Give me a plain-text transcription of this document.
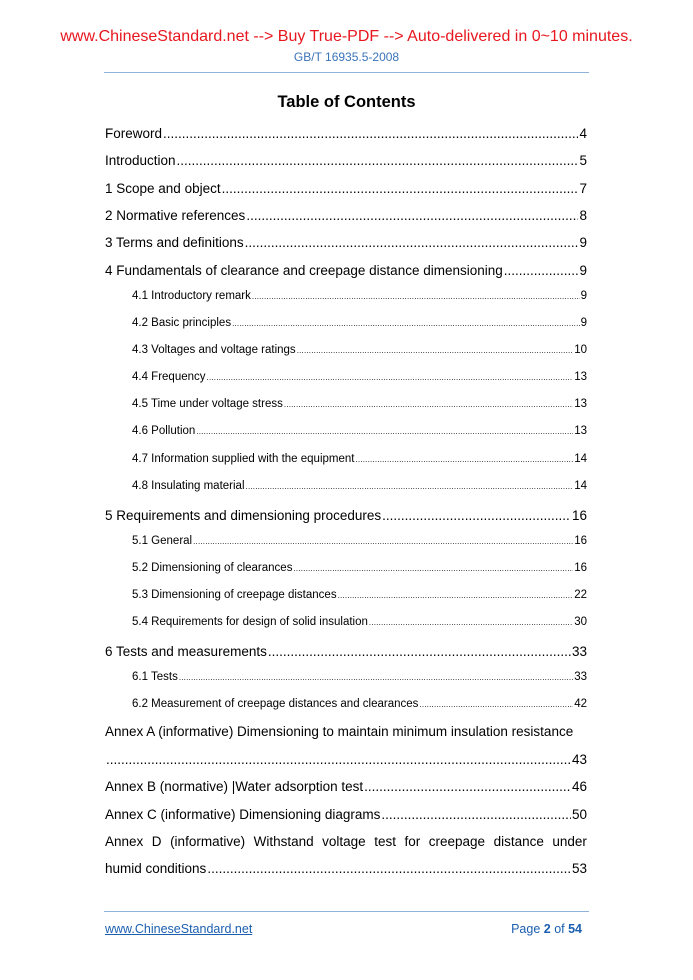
www.ChineseStandard.net --> Buy True-PDF --> Auto-delivered in 0~10 minutes.
GB/T 16935.5-2008
Table of Contents
Foreword .....	4
Introduction .....	5
1 Scope and object .....	7
2 Normative references .....	8
3 Terms and definitions .....	9
4 Fundamentals of clearance and creepage distance dimensioning .....	9
4.1 Introductory remark .....	9
4.2 Basic principles .....	9
4.3 Voltages and voltage ratings .....	10
4.4 Frequency .....	13
4.5 Time under voltage stress .....	13
4.6 Pollution .....	13
4.7 Information supplied with the equipment .....	14
4.8 Insulating material .....	14
5 Requirements and dimensioning procedures .....	16
5.1 General .....	16
5.2 Dimensioning of clearances .....	16
5.3 Dimensioning of creepage distances .....	22
5.4 Requirements for design of solid insulation .....	30
6 Tests and measurements .....	33
6.1 Tests .....	33
6.2 Measurement of creepage distances and clearances .....	42
Annex A (informative) Dimensioning to maintain minimum insulation resistance
.....
43
Annex B (normative) |Water adsorption test .....	46
Annex C (informative) Dimensioning diagrams .....	50
Annex D (informative) Withstand voltage test for creepage distance under
humid conditions .....	53
www.ChineseStandard.net	Page 2 of 54
